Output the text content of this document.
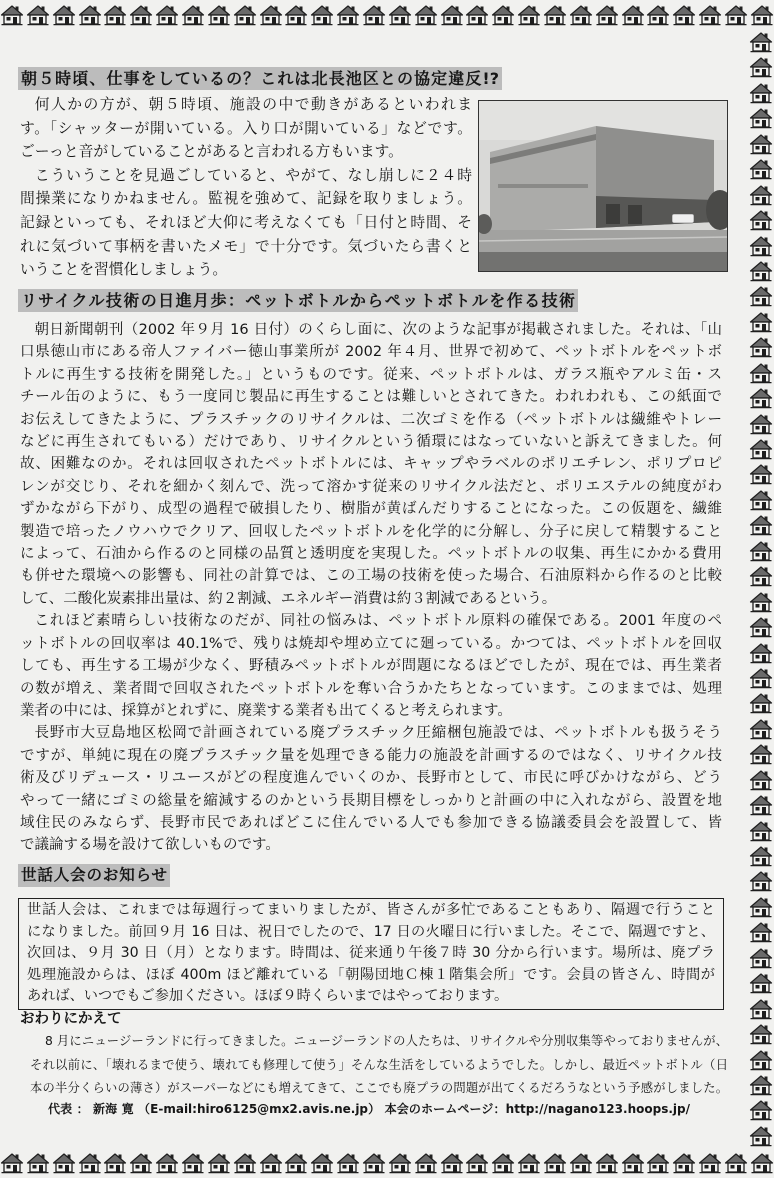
朝５時頃、仕事をしているの？これは北長池区との協定違反!?
何人かの方が、朝５時頃、施設の中で動きがあるといわれま
す。「シャッターが開いている。入り口が開いている」などです。
ごーっと音がしていることがあると言われる方もいます。
こういうことを見過ごしていると、やがて、なし崩しに２４時
間操業になりかねません。監視を強めて、記録を取りましょう。
記録といっても、それほど大仰に考えなくても「日付と時間、そ
れに気づいて事柄を書いたメモ」で十分です。気づいたら書くと
いうことを習慣化しましょう。
リサイクル技術の日進月歩：ペットボトルからペットボトルを作る技術
朝日新聞朝刊（2002 年９月 16 日付）のくらし面に、次のような記事が掲載されました。それは、「山
口県徳山市にある帝人ファイバー徳山事業所が 2002 年４月、世界で初めて、ペットボトルをペットボ
トルに再生する技術を開発した。」というものです。従来、ペットボトルは、ガラス瓶やアルミ缶・ス
チール缶のように、もう一度同じ製品に再生することは難しいとされてきた。われわれも、この紙面で
お伝えしてきたように、プラスチックのリサイクルは、二次ゴミを作る（ペットボトルは繊維やトレー
などに再生されてもいる）だけであり、リサイクルという循環にはなっていないと訴えてきました。何
故、困難なのか。それは回収されたペットボトルには、キャップやラベルのポリエチレン、ポリプロピ
レンが交じり、それを細かく刻んで、洗って溶かす従来のリサイクル法だと、ポリエステルの純度がわ
ずかながら下がり、成型の過程で破損したり、樹脂が黄ばんだりすることになった。この仮題を、繊維
製造で培ったノウハウでクリア、回収したペットボトルを化学的に分解し、分子に戻して精製すること
によって、石油から作るのと同様の品質と透明度を実現した。ペットボトルの収集、再生にかかる費用
も併せた環境への影響も、同社の計算では、この工場の技術を使った場合、石油原料から作るのと比較
して、二酸化炭素排出量は、約２割減、エネルギー消費は約３割減であるという。
これほど素晴らしい技術なのだが、同社の悩みは、ペットボトル原料の確保である。2001 年度のペ
ットボトルの回収率は 40.1%で、残りは焼却や埋め立てに廻っている。かつては、ペットボトルを回収
しても、再生する工場が少なく、野積みペットボトルが問題になるほどでしたが、現在では、再生業者
の数が増え、業者間で回収されたペットボトルを奪い合うかたちとなっています。このままでは、処理
業者の中には、採算がとれずに、廃業する業者も出てくると考えられます。
長野市大豆島地区松岡で計画されている廃プラスチック圧縮梱包施設では、ペットボトルも扱うそう
ですが、単純に現在の廃プラスチック量を処理できる能力の施設を計画するのではなく、リサイクル技
術及びリデュース・リユースがどの程度進んでいくのか、長野市として、市民に呼びかけながら、どう
やって一緒にゴミの総量を縮減するのかという長期目標をしっかりと計画の中に入れながら、設置を地
域住民のみならず、長野市民であればどこに住んでいる人でも参加できる協議委員会を設置して、皆
で議論する場を設けて欲しいものです。
世話人会のお知らせ
世話人会は、これまでは毎週行ってまいりましたが、皆さんが多忙であることもあり、隔週で行うこと
になりました。前回９月 16 日は、祝日でしたので、17 日の火曜日に行いました。そこで、隔週ですと、
次回は、９月 30 日（月）となります。時間は、従来通り午後７時 30 分から行います。場所は、廃プラ
処理施設からは、ほぼ 400m ほど離れている「朝陽団地Ｃ棟１階集会所」です。会員の皆さん、時間が
あれば、いつでもご参加ください。ほぼ９時くらいまではやっております。
おわりにかえて
8 月にニュージーランドに行ってきました。ニュージーランドの人たちは、リサイクルや分別収集等やっておりませんが、
それ以前に、「壊れるまで使う、壊れても修理して使う」そんな生活をしているようでした。しかし、最近ペットボトル（日
本の半分くらいの薄さ）がスーパーなどにも増えてきて、ここでも廃プラの問題が出てくるだろうなという予感がしました。
代表 ： 新海 寛 （E-mail:hiro6125@mx2.avis.ne.jp） 本会のホームページ：http://nagano123.hoops.jp/
